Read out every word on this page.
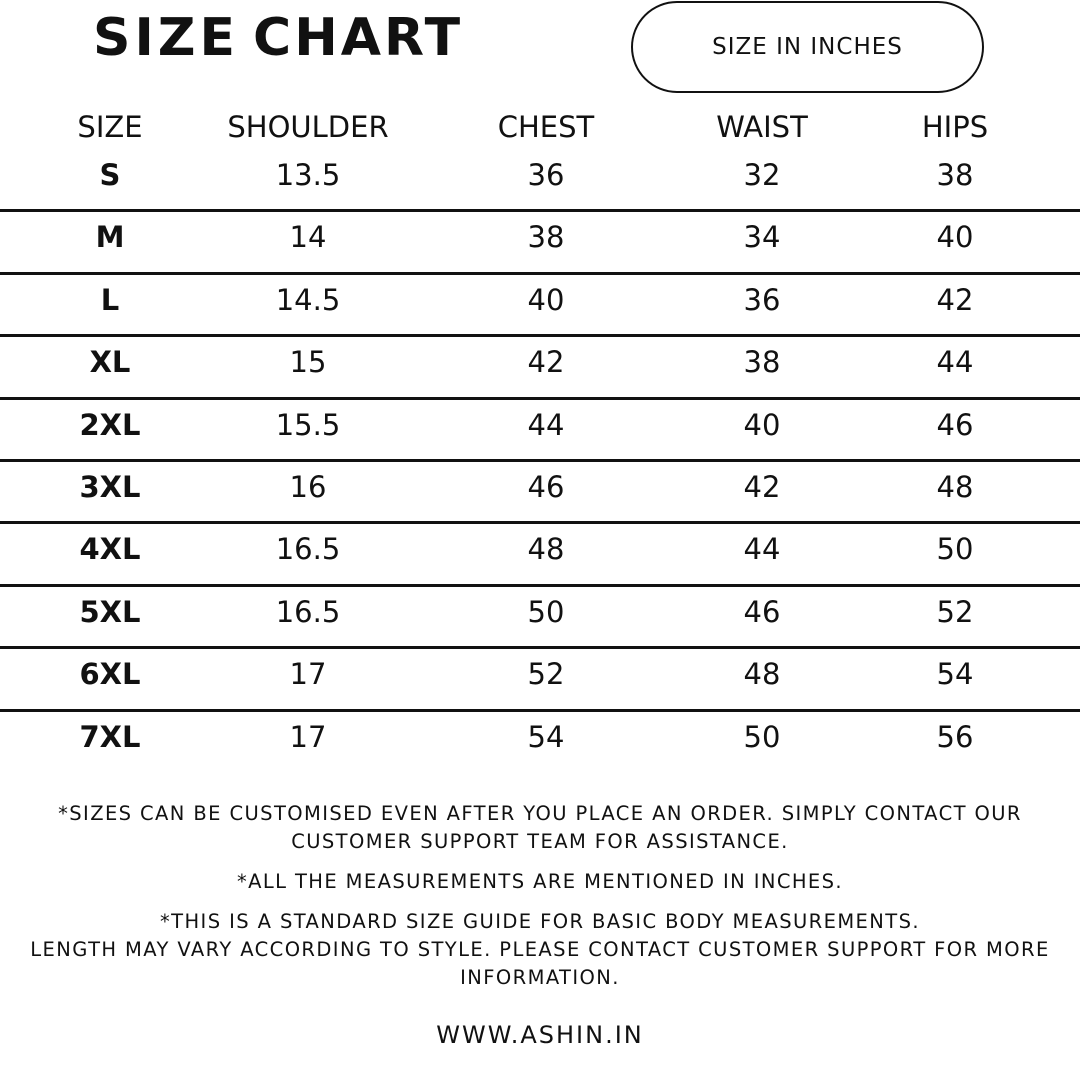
SIZE CHART	SIZE IN INCHES
SIZE	SHOULDER	CHEST	WAIST	HIPS
S	13.5	36	32	38
M	14	38	34	40
L	14.5	40	36	42
XL	15	42	38	44
2XL	15.5	44	40	46
3XL	16	46	42	48
4XL	16.5	48	44	50
5XL	16.5	50	46	52
6XL	17	52	48	54
7XL	17	54	50	56

*SIZES CAN BE CUSTOMISED EVEN AFTER YOU PLACE AN ORDER. SIMPLY CONTACT OUR CUSTOMER SUPPORT TEAM FOR ASSISTANCE.

*ALL THE MEASUREMENTS ARE MENTIONED IN INCHES.

*THIS IS A STANDARD SIZE GUIDE FOR BASIC BODY MEASUREMENTS.
LENGTH MAY VARY ACCORDING TO STYLE. PLEASE CONTACT CUSTOMER SUPPORT FOR MORE INFORMATION.

WWW.ASHIN.IN
